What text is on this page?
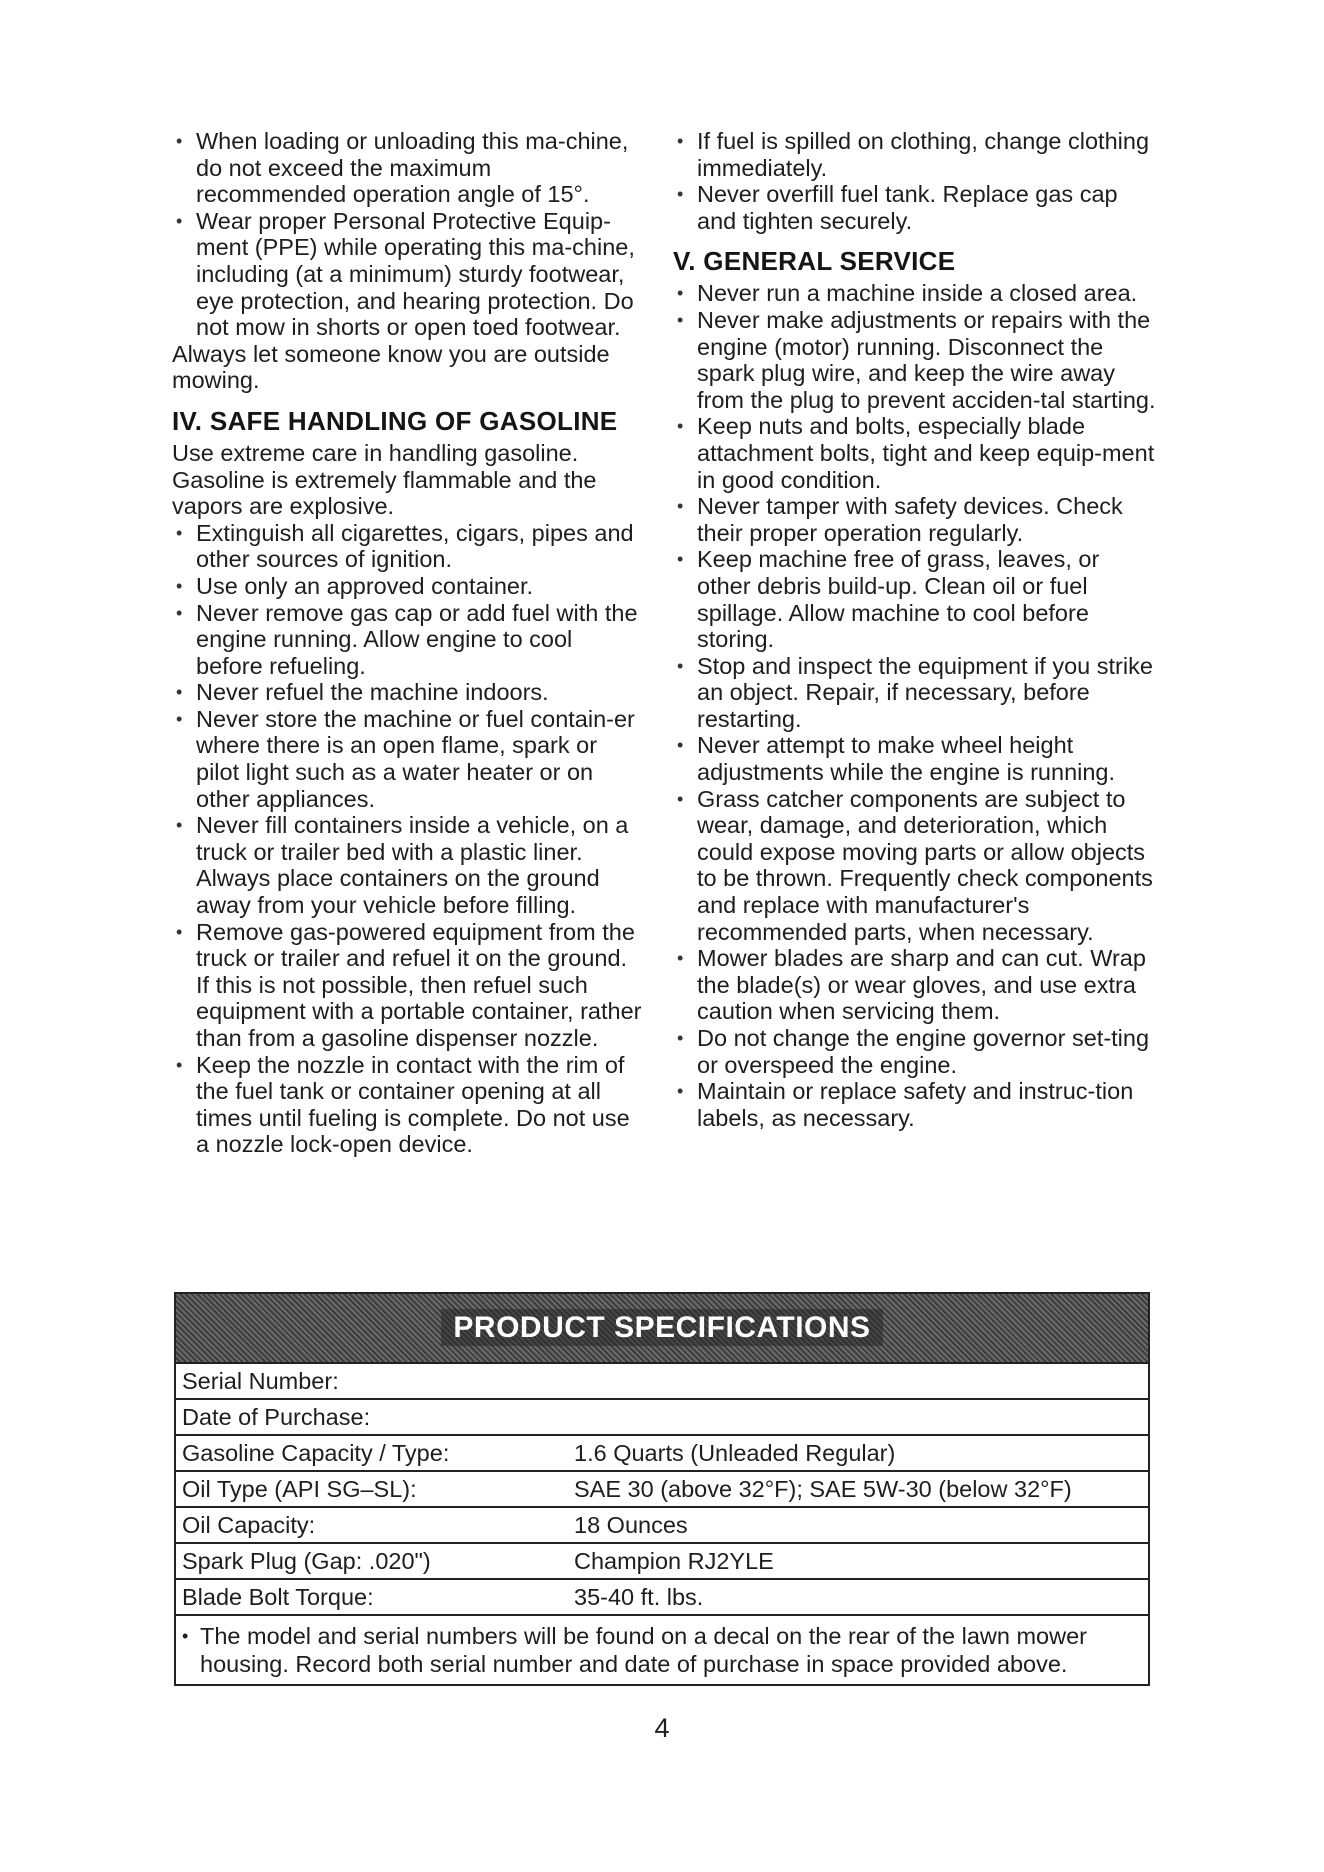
• When loading or unloading this ma-chine, do not exceed the maximum recommended operation angle of 15°.
• Wear proper Personal Protective Equip-ment (PPE) while operating this ma-chine, including (at a minimum) sturdy footwear, eye protection, and hearing protection. Do not mow in shorts or open toed footwear.

Always let someone know you are outside mowing.

IV. SAFE HANDLING OF GASOLINE

Use extreme care in handling gasoline. Gasoline is extremely flammable and the vapors are explosive.

• Extinguish all cigarettes, cigars, pipes and other sources of ignition.
• Use only an approved container.
• Never remove gas cap or add fuel with the engine running. Allow engine to cool before refueling.
• Never refuel the machine indoors.
• Never store the machine or fuel contain-er where there is an open flame, spark or pilot light such as a water heater or on other appliances.
• Never fill containers inside a vehicle, on a truck or trailer bed with a plastic liner. Always place containers on the ground away from your vehicle before filling.
• Remove gas-powered equipment from the truck or trailer and refuel it on the ground. If this is not possible, then refuel such equipment with a portable container, rather than from a gasoline dispenser nozzle.
• Keep the nozzle in contact with the rim of the fuel tank or container opening at all times until fueling is complete. Do not use a nozzle lock-open device.
• If fuel is spilled on clothing, change clothing immediately.
• Never overfill fuel tank. Replace gas cap and tighten securely.
V. GENERAL SERVICE
• Never run a machine inside a closed area.
• Never make adjustments or repairs with the engine (motor) running. Disconnect the spark plug wire, and keep the wire away from the plug to prevent acciden-tal starting.
• Keep nuts and bolts, especially blade attachment bolts, tight and keep equip-ment in good condition.
• Never tamper with safety devices. Check their proper operation regularly.
• Keep machine free of grass, leaves, or other debris build-up. Clean oil or fuel spillage. Allow machine to cool before storing.
• Stop and inspect the equipment if you strike an object. Repair, if necessary, before restarting.
• Never attempt to make wheel height adjustments while the engine is running.
• Grass catcher components are subject to wear, damage, and deterioration, which could expose moving parts or allow objects to be thrown. Frequently check components and replace with manufacturer's recommended parts, when necessary.
• Mower blades are sharp and can cut. Wrap the blade(s) or wear gloves, and use extra caution when servicing them.
• Do not change the engine governor set-ting or overspeed the engine.
• Maintain or replace safety and instruc-tion labels, as necessary.
PRODUCT SPECIFICATIONS
Serial Number:	
Date of Purchase:	
Gasoline Capacity / Type:	1.6 Quarts (Unleaded Regular)
Oil Type (API SG–SL):	SAE 30 (above 32°F); SAE 5W-30 (below 32°F)
Oil Capacity:	18 Ounces
Spark Plug (Gap: .020")	Champion RJ2YLE
Blade Bolt Torque:	35-40 ft. lbs.
• The model and serial numbers will be found on a decal on the rear of the lawn mower housing. Record both serial number and date of purchase in space provided above.
4
